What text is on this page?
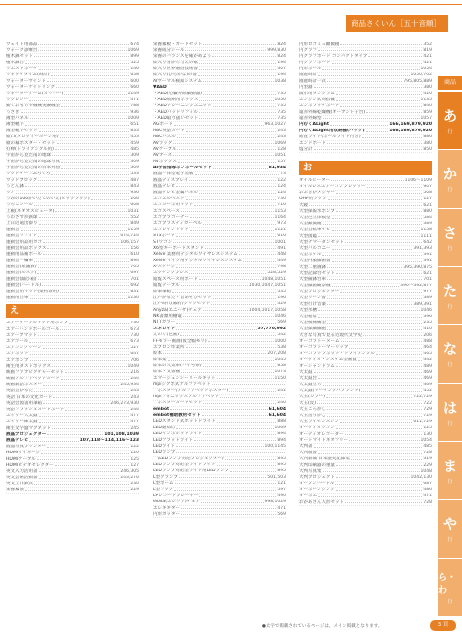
商品さくいん［五十音順］
ウェイト用部品	674
ウォーク診療台	1069
植木鉢セット	899
植木鉢台	525
ウエストポーチ	146
ウォッチタイム(時計)	658
ウォーターサインド	600
ウォーターケイトリング	660
ウォーターゲーム(ガリバー)	1149
ウグレシー	471
動くおもちゃ機械実験機型	788
うさぎ	936
薄型パネル	1009
薄型靴下	651
薄型靴下セット	833
歌口(メロディーホーン用)	453
歌の幕ポスター・セット	459
打棒(トライアングル用)	485
宇宙から見た南の地球	309
宇宙から見た南の地球写真	309
宇宙から見た南の日本列島	309
ウッドチーフふろくろ	533
ウッドブロック	487
うどん鉢	843
ウノ	936
うみの100かいだてのいえ(ビッグブック)	206
うろこシール	608
上履(ネオオスピュータ)	1031
うわさずが鉄球	552
上日辺竜出掛り	849
運動会	1159
運動会リフィト	674,724
運動会用品用カゴ	106,157
運動会用品ボックス	156
運動用品補ボール	610
運動会一輪車	894
運動会(衆議員)	705
運動会(ルスク)	697
運動会(踊び箱)	701
運動会(ハードル)	692
運動会用マット(梁物専用)	831
運動用台車	1130
え
エアーテーブルマット用ボンプ	730
エアーハンドボールゴール	673
エアーブマット	730
エアゴール	673
エアコンクリーン	527
エアボット	647
エアポンプ	706
衛生用ダストボックス	1049
映画ファブピクチャーセット	216
映画アルファベットカード	244
映画新語ポスター	245,934
英語会かるた	243
英語 日本の文化カード	243
英語会図書用筆箱	246,273,930
英語フラッシュカードボード	244
エイサー大太鼓	477
エイサー締太鼓	477
衛生文字盤マグネット	245
液晶プロジェクター	101,108,1039
液晶テレビ	107,118～114,116～123
液晶写真プリンター	122
HDMIサイネージ	120
HDMIケーブル	125
HDMIビデオセレクター	127
英文入力活用書	246,305
英文芸術活動書	243,276
英文工作鉄具	230
栄養素表	229
栄養素板・カードセット	824
栄養成分シール	999,830
栄養のバランスを確かめよう	824
絵入り分かち与えの歌	194
絵入り世界通信技術書	307
絵入り(ひらがな)の書	194
AIサーマル検知システム	1038
▼AED
・AED(心臓外除細動器)	735
・AED収納用ボックス	1050
・AEDトレーニングユニット	735
・AEDパッドリフィル	735
・AED取り扱いセット	735
AGボード	963,1027
ABC英語カード	243
ABCパズル	243
AVラック	1069
AVケーブル	128
AVブース	1051
AVボックス	157
Ai学習指導ボンボールセット	81,934
液晶一体型電子黒板	73
液晶ディスプレイ	122
液晶テレビ	124
液晶テレビ金属パネル	124
エコエルベスト	730
エコカーポ用マット	716
エコスベース	1153
エコプラコーナー	1164
エコプラスティカーベル	973
エコレインマット	1121
ST3ボード	616
STワゴン	1001
X6型キーボードスタンド	491
Xelve 業務用デジタルワイヤレスシステム	448
Xelve マイク用デジタルワイヤレスシステム	449
X-ステージ	798
エッチングプレス	528,529
閲覧スペース用ボード	1048,1051
閲覧テーブル	1030,1047,1051
絵筆筆箱	535
江戸かるた・昔あそびセット	196
江戸時代(幕府)グリクセット	329
Anyza(エニーザ)チェア	1004,1017,1058
NK書類用棚篭	1046
NTTカラー	569
エネロイド	57,770,992
えのぐ(色画)	542
FFモラー画画(仮全幅モリ)	1000
エプロン作業所	538
絵本	207,208
絵本架	1045
絵本の人気車(ハイ号系)	858
絵本・文書棚	1073
エマージェンシーリールキット	1150
mpiジグボ式アルファベット
　ポスター(アルファベットポスター)	241
mpiフォニックスアルファベット
　ポスターカードセット	240
embot	61,604
embot補助教材セット	61,604
LEDスタンド式ホットドライト	888
LED通知灯	1069
LEDインボホットライト	894
LEDフラットライト	894
LEDライト	100,1145
LEDランプ
　(LEDランプ対応プロジェクター)	895
LEDランプ対応型ライトライト	895
LEDランプ対応型ライト用LEDランプ	895
L型クランプ	501,503
L型ボーム	121
L型フック	597
LPレコードプレーヤー	490
elova(エレヴァ)チェア	998,1029
エレキギター	471
円形カッター	569
円形ロコミュ顕微鏡	352
円グラフ	819
円グラフボード コンパクトタイプ	421
円グラフボード	421
円形ボール	1054
園庭時計	1050,702
園庭時計一式	795,805,889
円型器	380
演示用タングラム	420
エンジン式刈払機	1135
エンボラッチボード	840
遠赤外線乾燥機(オーブント子台)	859
遠赤外線型	1057
円むくALight	166,169,879,920
円むくALight用収納棚(バッグ)	166,169,879,920
鉛直ライト(ボールライト付き)	886
エンドボード	380
塩分計	850
お
オイルヒーター	1106～1109
オイルレスエアーコンプレッサー	907
おおきかメジャー	508
OHP用ラップ	127
大鏡	621
大型探報水ポンプ	880
大型色立体模型	584
大型顕微鏡	389
大型自転車ナビ	1158
大型図鑑	1111
大型ナマーダンセット	642
大型バルコニー	391,393
大型ボテル	391
大型内服細菌書	391
大型二重画鉢	395,390,875
大型記録台セット	621
大型備鉢台車	701
大型細菌観察機	390～392,877
大型プロジェクター	977
大型ワーン書	389
大型行け音楽	389,391
大型水槽	1046
大型粘着	396
大型模様構型	235
大型緑細細胞	410
大きな写真で見る近現代文学史	206
オーゴラトーヌーム	488
オーゴラトーマーリップ	464
オーゴラトラボット・トライアングル	465
オーディオ・システム型画置	442
オーシャンドラム	489
大太鼓	469
大太鼓台	469
大太鼓立ち	469
大太鼓(マーチングパブランド)	452
大玉(カラー)	722,729
大玉(皮)	722
大玉ころがし	729
大玉送りかご	729
大玉ライセンスシン	611,729
オーディオワゴン	125
オーディオレコーダー	130
オートマイトネオフリー	1054
大判書	485
大判版書	728
大判新聞 日本歴史記録集	319
大判印刷器の重量	229
大判写真集	1048
大判プロジェクト	1042,130
オープンハードル	687
オーボーンジング	486
オーボエ	471
おかあさん人形セット	728
商品
あ
行
か
行
さ
行
た
行
な
行
は
行
ま
行
や
行
ら・わ
行
●太字で掲載されているページは、メイン掲載となります。	3 頁
